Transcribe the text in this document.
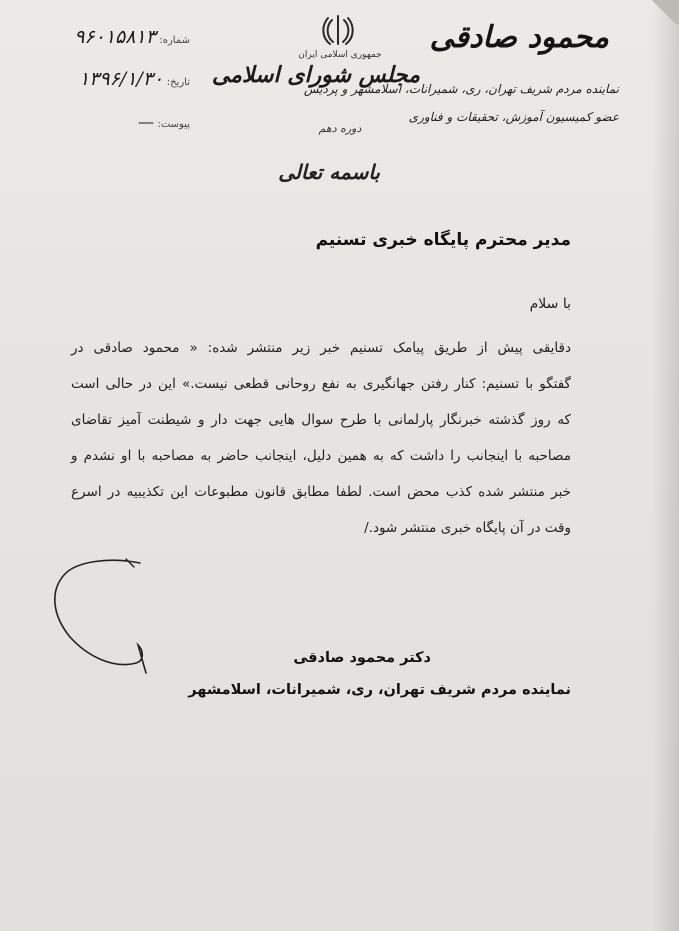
شماره: ۹۶۰۱۵۸۱۳
تاریخ: ۱۳۹۶/۱/۳۰
پیوست: —
جمهوری اسلامی ایران
مجلس شورای اسلامی
دوره دهم
محمود صادقی
نماینده مردم شریف تهران، ری، شمیرانات، اسلامشهر و پردیس
عضو کمیسیون آموزش، تحقیقات و فناوری
باسمه تعالی
مدیر محترم پایگاه خبری تسنیم
با سلام
دقایقی پیش از طریق پیامک تسنیم خبر زیر منتشر شده: « محمود صادقی در
گفتگو با تسنیم: کنار رفتن جهانگیری به نفع روحانی قطعی نیست.» این در حالی است
که روز گذشته خبرنگار پارلمانی با طرح سوال هایی جهت دار و شیطنت آمیز تقاضای
مصاحبه با اینجانب را داشت که به همین دلیل، اینجانب حاضر به مصاحبه با او نشدم و
خبر منتشر شده کذب محض است. لطفا مطابق قانون مطبوعات این تکذیبیه در اسرع
وقت در آن پایگاه خبری منتشر شود./
دکتر محمود صادقی
نماینده مردم شریف تهران، ری، شمیرانات، اسلامشهر
